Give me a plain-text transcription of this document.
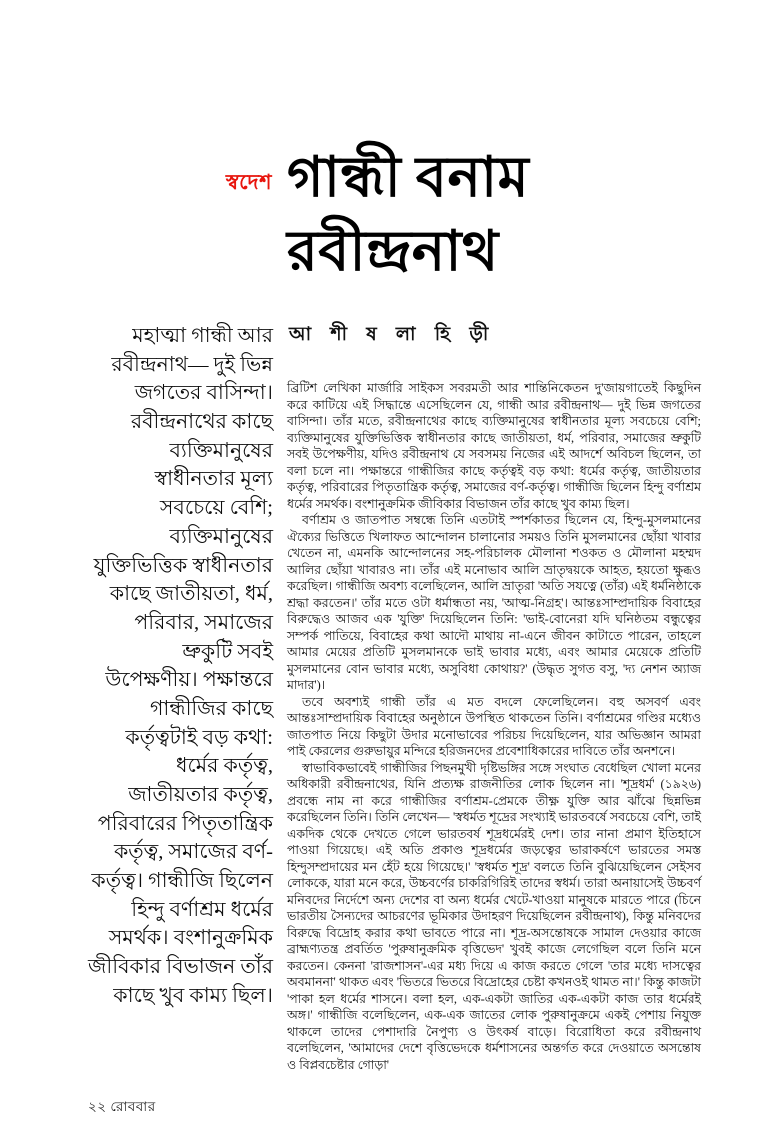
স্বদেশ গান্ধী বনাম
রবীন্দ্রনাথ
আ শী ষ লা হি ড়ী
মহাত্মা গান্ধী আর রবীন্দ্রনাথ— দুই ভিন্ন জগতের বাসিন্দা। রবীন্দ্রনাথের কাছে ব্যক্তিমানুষের স্বাধীনতার মূল্য সবচেয়ে বেশি; ব্যক্তিমানুষের যুক্তিভিত্তিক স্বাধীনতার কাছে জাতীয়তা, ধর্ম, পরিবার, সমাজের ভ্রুকুটি সবই উপেক্ষণীয়। পক্ষান্তরে গান্ধীজির কাছে কর্তৃত্বটাই বড় কথা: ধর্মের কর্তৃত্ব, জাতীয়তার কর্তৃত্ব, পরিবারের পিতৃতান্ত্রিক কর্তৃত্ব, সমাজের বর্ণ-কর্তৃত্ব। গান্ধীজি ছিলেন হিন্দু বর্ণাশ্রম ধর্মের সমর্থক। বংশানুক্রমিক জীবিকার বিভাজন তাঁর কাছে খুব কাম্য ছিল।

ব্রিটিশ লেখিকা মার্জারি সাইকস সবরমতী আর শান্তিনিকেতন দু'জায়গাতেই কিছুদিন করে কাটিয়ে এই সিদ্ধান্তে এসেছিলেন যে, গান্ধী আর রবীন্দ্রনাথ— দুই ভিন্ন জগতের বাসিন্দা। তাঁর মতে, রবীন্দ্রনাথের কাছে ব্যক্তিমানুষের স্বাধীনতার মূল্য সবচেয়ে বেশি; ব্যক্তিমানুষের যুক্তিভিত্তিক স্বাধীনতার কাছে জাতীয়তা, ধর্ম, পরিবার, সমাজের ভ্রুকুটি সবই উপেক্ষণীয়, যদিও রবীন্দ্রনাথ যে সবসময় নিজের এই আদর্শে অবিচল ছিলেন, তা বলা চলে না। পক্ষান্তরে গান্ধীজির কাছে কর্তৃত্বই বড় কথা: ধর্মের কর্তৃত্ব, জাতীয়তার কর্তৃত্ব, পরিবারের পিতৃতান্ত্রিক কর্তৃত্ব, সমাজের বর্ণ-কর্তৃত্ব। গান্ধীজি ছিলেন হিন্দু বর্ণাশ্রম ধর্মের সমর্থক। বংশানুক্রমিক জীবিকার বিভাজন তাঁর কাছে খুব কাম্য ছিল।

বর্ণাশ্রম ও জাতপাত সম্বন্ধে তিনি এতটাই স্পর্শকাতর ছিলেন যে, হিন্দু-মুসলমানের ঐক্যের ভিত্তিতে খিলাফত আন্দোলন চালানোর সময়ও তিনি মুসলমানের ছোঁয়া খাবার খেতেন না, এমনকি আন্দোলনের সহ-পরিচালক মৌলানা শওকত ও মৌলানা মহম্মদ আলির ছোঁয়া খাবারও না। তাঁর এই মনোভাব আলি ভ্রাতৃদ্বয়কে আহত, হয়তো ক্ষুব্ধও করেছিল। গান্ধীজি অবশ্য বলেছিলেন, আলি ভ্রাতৃরা 'অতি সযত্নে (তাঁর) এই ধর্মনিষ্ঠাকে শ্রদ্ধা করতেন।' তাঁর মতে ওটা ধর্মান্ধতা নয়, 'আত্ম-নিগ্রহ'। আন্তঃসাম্প্রদায়িক বিবাহের বিরুদ্ধেও আজব এক 'যুক্তি' দিয়েছিলেন তিনি: 'ভাই-বোনেরা যদি ঘনিষ্ঠতম বন্ধুত্বের সম্পর্ক পাতিয়ে, বিবাহের কথা আদৌ মাথায় না-এনে জীবন কাটাতে পারেন, তাহলে আমার মেয়ের প্রতিটি মুসলমানকে ভাই ভাবার মধ্যে, এবং আমার মেয়েকে প্রতিটি মুসলমানের বোন ভাবার মধ্যে, অসুবিধা কোথায়?' (উদ্ধৃত সুগত বসু, 'দ্য নেশন অ্যাজ মাদার')।

তবে অবশ্যই গান্ধী তাঁর এ মত বদলে ফেলেছিলেন। বহু অসবর্ণ এবং আন্তঃসাম্প্রদায়িক বিবাহের অনুষ্ঠানে উপস্থিত থাকতেন তিনি। বর্ণাশ্রমের গণ্ডির মধ্যেও জাতপাত নিয়ে কিছুটা উদার মনোভাবের পরিচয় দিয়েছিলেন, যার অভিজ্ঞান আমরা পাই কেরলের গুরুভায়ুর মন্দিরে হরিজনদের প্রবেশাধিকারের দাবিতে তাঁর অনশনে।

স্বাভাবিকভাবেই গান্ধীজির পিছনমুখী দৃষ্টিভঙ্গির সঙ্গে সংঘাত বেধেছিল খোলা মনের অধিকারী রবীন্দ্রনাথের, যিনি প্রত্যক্ষ রাজনীতির লোক ছিলেন না। 'শূদ্রধর্ম' (১৯২৬) প্রবন্ধে নাম না করে গান্ধীজির বর্ণাশ্রম-প্রেমকে তীক্ষ্ণ যুক্তি আর ঝাঁঝে ছিন্নভিন্ন করেছিলেন তিনি। তিনি লেখেন— 'স্বধর্মত শূদ্রের সংখ্যাই ভারতবর্ষে সবচেয়ে বেশি, তাই একদিক থেকে দেখতে গেলে ভারতবর্ষ শূদ্রধর্মেরই দেশ। তার নানা প্রমাণ ইতিহাসে পাওয়া গিয়েছে। এই অতি প্রকাণ্ড শূদ্রধর্মের জড়ত্বের ভারাকর্ষণে ভারতের সমস্ত হিন্দুসম্প্রদায়ের মন হেঁট হয়ে গিয়েছে।' 'স্বধর্মত শূদ্র' বলতে তিনি বুঝিয়েছিলেন সেইসব লোককে, যারা মনে করে, উচ্চবর্ণের চাকরিগিরিই তাদের স্বধর্ম। তারা অনায়াসেই উচ্চবর্ণ মনিবদের নির্দেশে অন্য দেশের বা অন্য ধর্মের খেটে-খাওয়া মানুষকে মারতে পারে (চিনে ভারতীয় সৈন্যদের আচরণের ভূমিকার উদাহরণ দিয়েছিলেন রবীন্দ্রনাথ), কিন্তু মনিবদের বিরুদ্ধে বিদ্রোহ করার কথা ভাবতে পারে না। শূদ্র-অসন্তোষকে সামাল দেওয়ার কাজে ব্রাহ্মণ্যতন্ত্র প্রবর্তিত 'পুরুষানুক্রমিক বৃত্তিভেদ' খুবই কাজে লেগেছিল বলে তিনি মনে করতেন। কেননা 'রাজশাসন'-এর মধ্য দিয়ে এ কাজ করতে গেলে 'তার মধ্যে দাসত্বের অবমাননা' থাকত এবং 'ভিতরে ভিতরে বিদ্রোহের চেষ্টা কখনওই থামত না।' কিন্তু কাজটা 'পাকা হল ধর্মের শাসনে। বলা হল, এক-একটা জাতির এক-একটা কাজ তার ধর্মেরই অঙ্গ।' গান্ধীজি বলেছিলেন, এক-এক জাতের লোক পুরুষানুক্রমে একই পেশায় নিযুক্ত থাকলে তাদের পেশাদারি নৈপুণ্য ও উৎকর্ষ বাড়ে। বিরোধিতা করে রবীন্দ্রনাথ বলেছিলেন, 'আমাদের দেশে বৃত্তিভেদকে ধর্মশাসনের অন্তর্গত করে দেওয়াতে অসন্তোষ ও বিপ্লবচেষ্টার গোড়া'

২২ রোববার
